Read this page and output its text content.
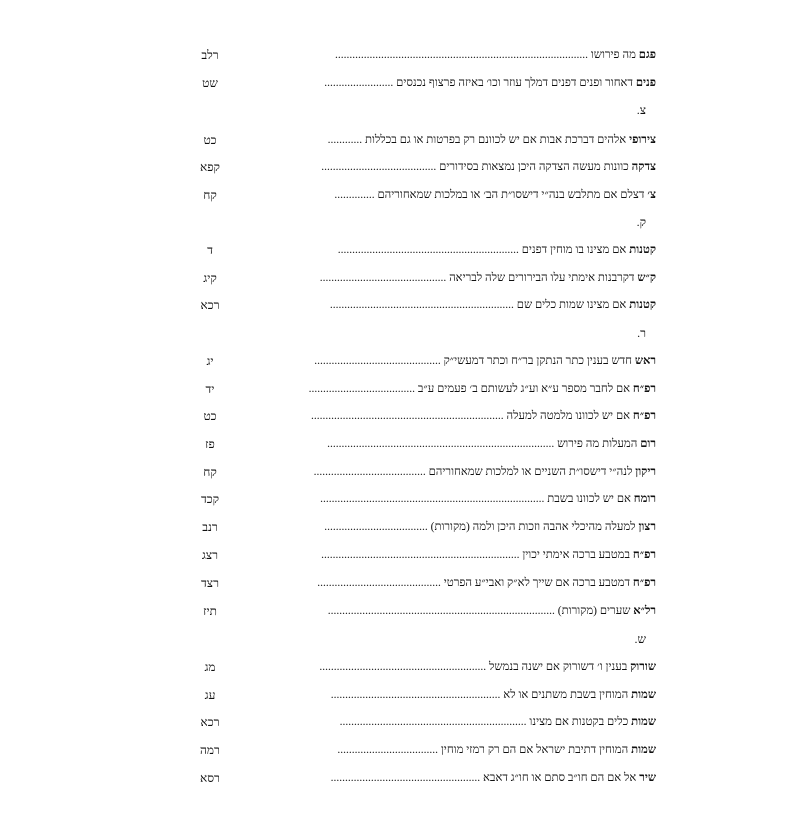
פגם מה פירושו ........................................................................................
רלב
פנים דאחור ופנים דפנים דמלך עוזר וכו׳ באיזה פרצוף נכנסים ........................
שט
צ.
צירופי אלהים דברכת אבות אם יש לכוונם רק בפרטות או גם בכללות ............
כט
צדקה כוונות מעשה הצדקה היכן נמצאות בסידורים ........................................
קפא
צ׳ דצלם אם מתלבש בנה״י דישסו״ת הב׳ או במלכות שמאחוריהם ..............
קח
ק.
קטנות אם מצינו בו מוחין דפנים ...............................................................
ד
ק״ש דקרבנות אימתי עלו הבירורים שלה לבריאה ............................................
קיג
קטנות אם מצינו שמות כלים שם ................................................................
רכא
ר.
ראש חדש בענין כתר הנתקן בר״ח וכתר דמעשי״ק ............................................
יג
רפ״ח אם לחבר מספר ע״א וע״ג לעשותם ב׳ פעמים ע״ב .....................................
יד
רפ״ח אם יש לכוונו מלמטה למעלה ...................................................................
כט
רום המעלות מה פירוש ...............................................................................
פז
ריקון לנה״י דישסו״ת השניים או למלכות שמאחוריהם .......................................
קח
רומח אם יש לכוונו בשבת ..............................................................................
קכד
רצון למעלה מהיכלי אהבה וזכות היכן ולמה (מקורות) ....................................
רנב
רפ״ח במטבע ברכה אימתי יכוין .....................................................................
רצג
רפ״ח דמטבע ברכה אם שייך לא״ק ואבי״ע הפרטי ...........................................
רצד
רל״א שערים (מקורות) ...............................................................................
תיז
ש.
שורוק בענין ו׳ דשורוק אם ישנה בנמשל ..........................................................
מג
שמות המוחין בשבת משתנים או לא ...........................................................
עג
שמות כלים בקטנות אם מצינו .................................................................
רכא
שמות המוחין דתיבת ישראל אם הם רק רמזי מוחין ...................................
רמה
שיר אל אם הם חו״ב סתם או חו״ג דאבא ....................................................
רסא
